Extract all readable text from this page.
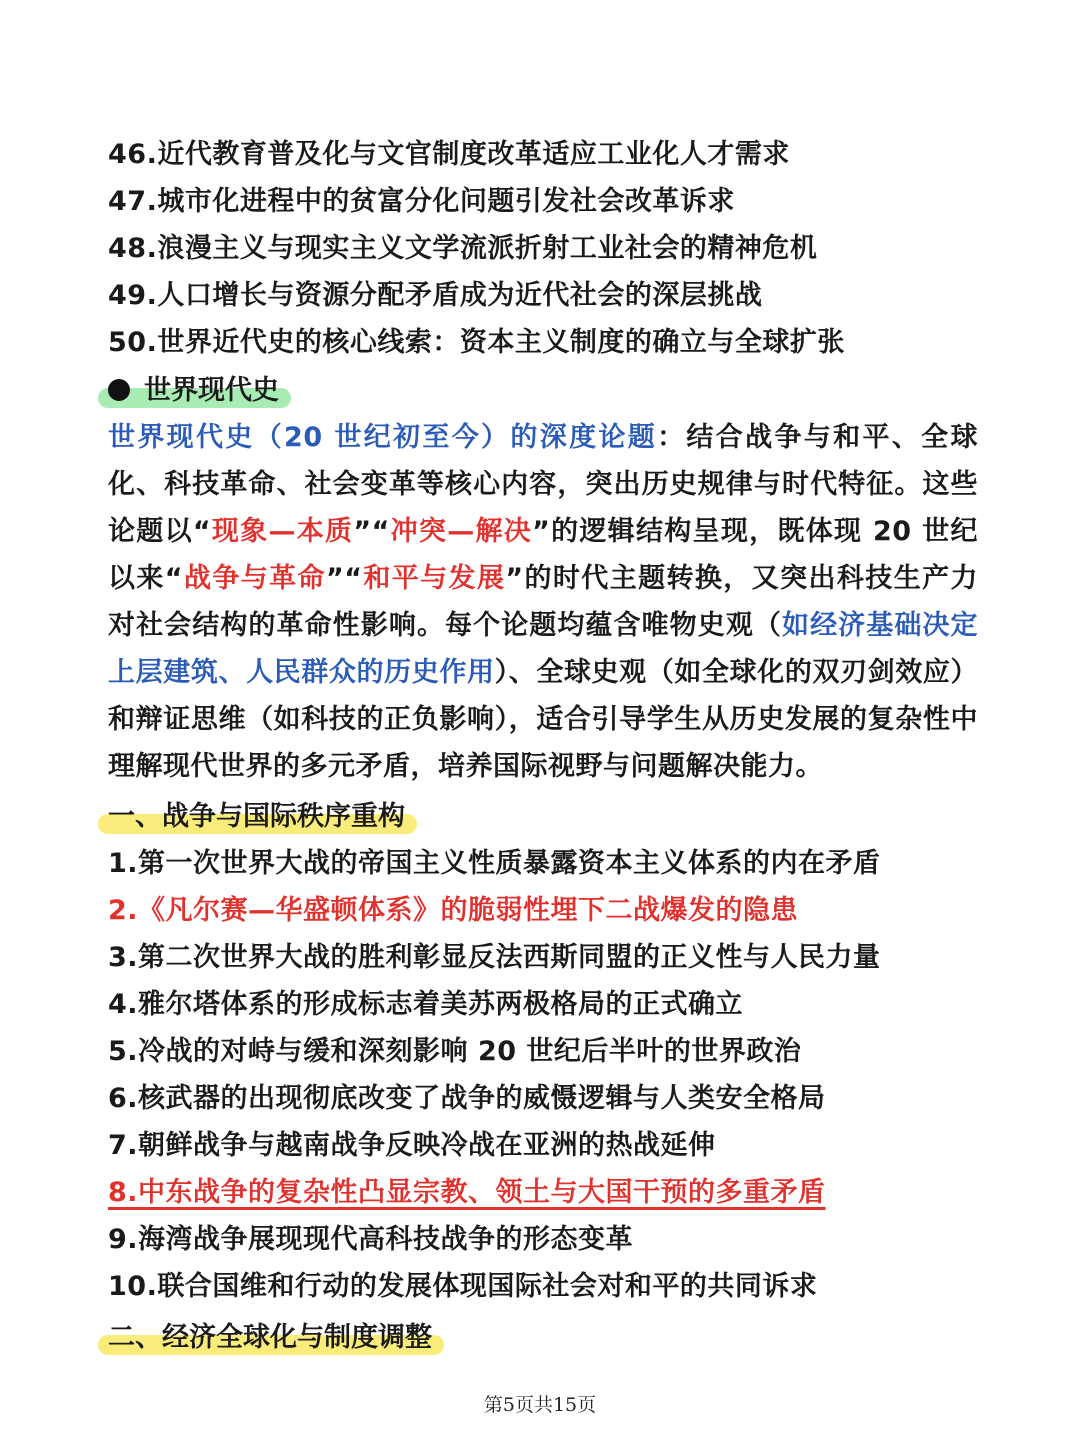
46.近代教育普及化与文官制度改革适应工业化人才需求
47.城市化进程中的贫富分化问题引发社会改革诉求
48.浪漫主义与现实主义文学流派折射工业社会的精神危机
49.人口增长与资源分配矛盾成为近代社会的深层挑战
50.世界近代史的核心线索：资本主义制度的确立与全球扩张
世界现代史
世界现代史（20 世纪初至今）的深度论题：结合战争与和平、全球化、科技革命、社会变革等核心内容，突出历史规律与时代特征。这些论题以“现象—本质”“冲突—解决”的逻辑结构呈现，既体现 20 世纪以来“战争与革命”“和平与发展”的时代主题转换，又突出科技生产力对社会结构的革命性影响。每个论题均蕴含唯物史观（如经济基础决定上层建筑、人民群众的历史作用）、全球史观（如全球化的双刃剑效应）和辩证思维（如科技的正负影响），适合引导学生从历史发展的复杂性中理解现代世界的多元矛盾，培养国际视野与问题解决能力。
一、战争与国际秩序重构
1.第一次世界大战的帝国主义性质暴露资本主义体系的内在矛盾
2.《凡尔赛—华盛顿体系》的脆弱性埋下二战爆发的隐患
3.第二次世界大战的胜利彰显反法西斯同盟的正义性与人民力量
4.雅尔塔体系的形成标志着美苏两极格局的正式确立
5.冷战的对峙与缓和深刻影响 20 世纪后半叶的世界政治
6.核武器的出现彻底改变了战争的威慑逻辑与人类安全格局
7.朝鲜战争与越南战争反映冷战在亚洲的热战延伸
8.中东战争的复杂性凸显宗教、领土与大国干预的多重矛盾
9.海湾战争展现现代高科技战争的形态变革
10.联合国维和行动的发展体现国际社会对和平的共同诉求
二、经济全球化与制度调整
第5页共15页
